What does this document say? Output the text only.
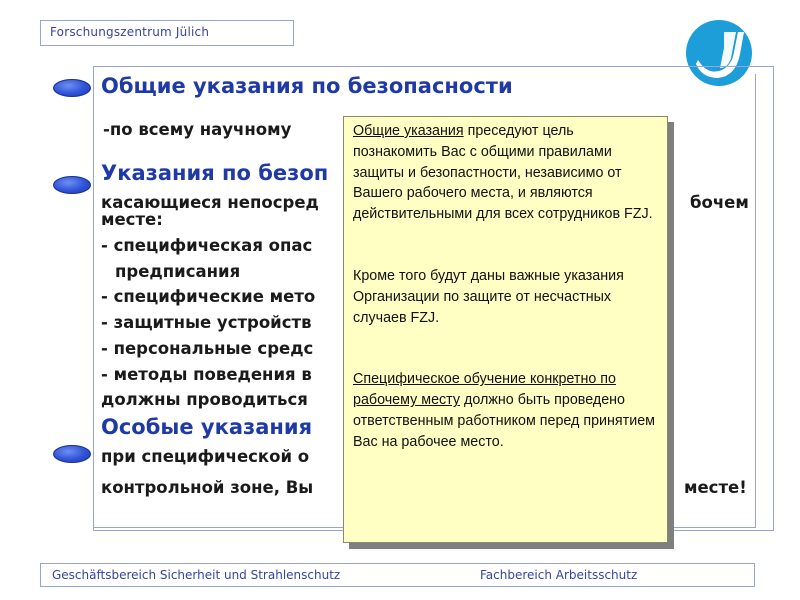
Forschungszentrum Jülich
Общие указания по безопасности
Указания по безоп
Особые указания
-по всему научному
касающиеся непосред	бочем
месте:
- специфическая опас
предписания
- специфические мето
- защитные устройств
- персональные средс
- методы поведения в
должны проводиться
при специфической о
контрольной зоне, Вы	месте!

Общие указания преседуют цель познакомить Вас с общими правилами защиты и безопастности, независимо от Вашего рабочего места, и являются действительными для всех сотрудников FZJ.

Кроме того будут даны важные указания Организации по защите от несчастных случаев FZJ.

Специфическое обучение конкретно по рабочему месту должно быть проведено ответственным работником перед принятием Вас на рабочее место.

Geschäftsbereich Sicherheit und Strahlenschutz	Fachbereich Arbeitsschutz
